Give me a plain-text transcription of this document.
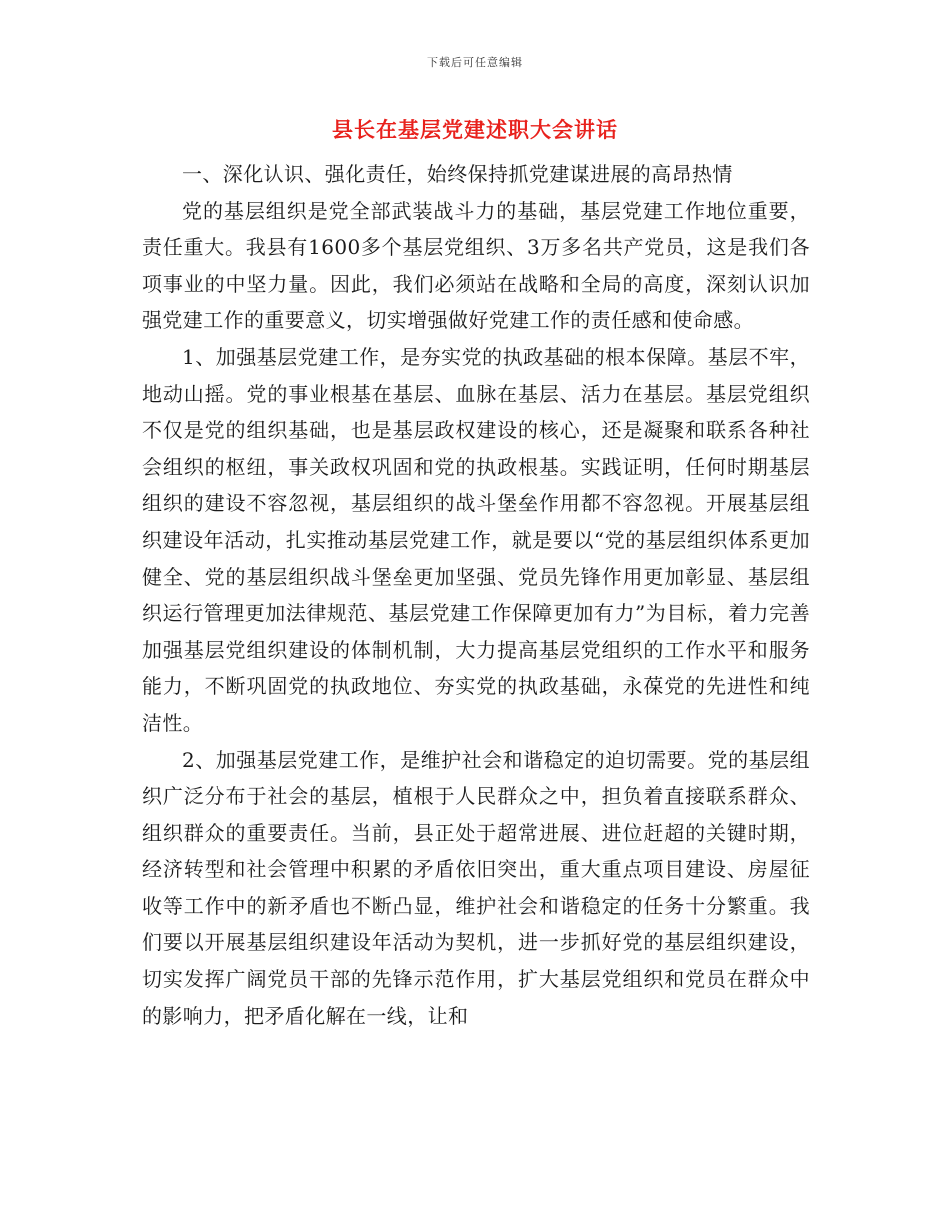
下载后可任意编辑
县长在基层党建述职大会讲话

一、深化认识、强化责任，始终保持抓党建谋进展的高昂热情

党的基层组织是党全部武装战斗力的基础，基层党建工作地位重要，责任重大。我县有1600多个基层党组织、3万多名共产党员，这是我们各项事业的中坚力量。因此，我们必须站在战略和全局的高度，深刻认识加强党建工作的重要意义，切实增强做好党建工作的责任感和使命感。

1、加强基层党建工作，是夯实党的执政基础的根本保障。基层不牢，地动山摇。党的事业根基在基层、血脉在基层、活力在基层。基层党组织不仅是党的组织基础，也是基层政权建设的核心，还是凝聚和联系各种社会组织的枢纽，事关政权巩固和党的执政根基。实践证明，任何时期基层组织的建设不容忽视，基层组织的战斗堡垒作用都不容忽视。开展基层组织建设年活动，扎实推动基层党建工作，就是要以“党的基层组织体系更加健全、党的基层组织战斗堡垒更加坚强、党员先锋作用更加彰显、基层组织运行管理更加法律规范、基层党建工作保障更加有力”为目标，着力完善加强基层党组织建设的体制机制，大力提高基层党组织的工作水平和服务能力，不断巩固党的执政地位、夯实党的执政基础，永葆党的先进性和纯洁性。

2、加强基层党建工作，是维护社会和谐稳定的迫切需要。党的基层组织广泛分布于社会的基层，植根于人民群众之中，担负着直接联系群众、组织群众的重要责任。当前，县正处于超常进展、进位赶超的关键时期，经济转型和社会管理中积累的矛盾依旧突出，重大重点项目建设、房屋征收等工作中的新矛盾也不断凸显，维护社会和谐稳定的任务十分繁重。我们要以开展基层组织建设年活动为契机，进一步抓好党的基层组织建设，切实发挥广阔党员干部的先锋示范作用，扩大基层党组织和党员在群众中的影响力，把矛盾化解在一线，让和
